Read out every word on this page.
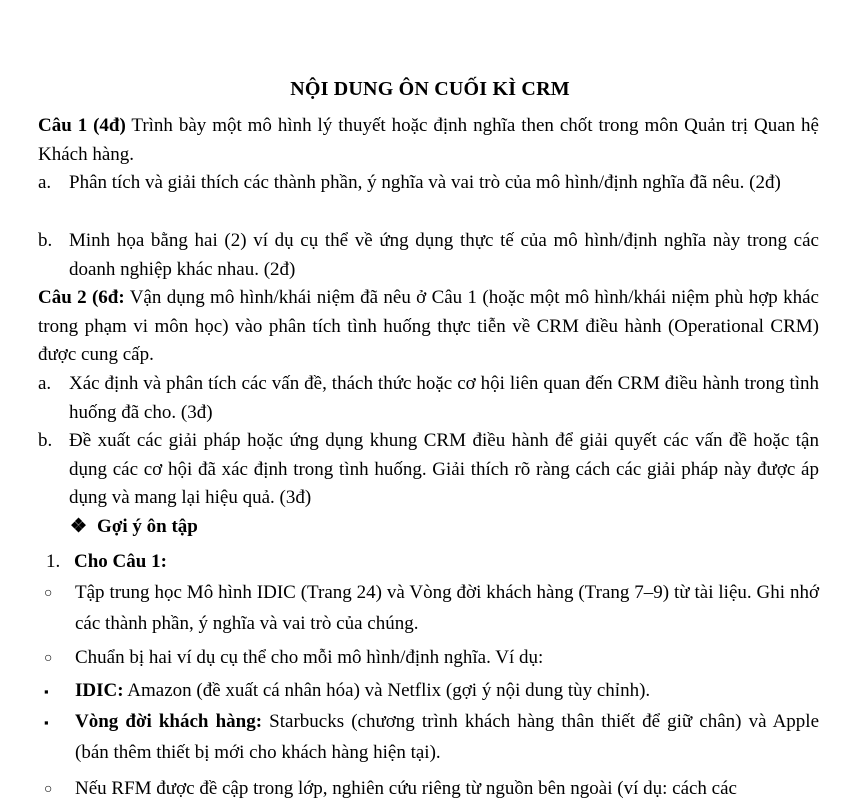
NỘI DUNG ÔN CUỐI KÌ CRM
Câu 1 (4đ) Trình bày một mô hình lý thuyết hoặc định nghĩa then chốt trong môn Quản trị Quan hệ Khách hàng.
a. Phân tích và giải thích các thành phần, ý nghĩa và vai trò của mô hình/định nghĩa đã nêu. (2đ)
b. Minh họa bằng hai (2) ví dụ cụ thể về ứng dụng thực tế của mô hình/định nghĩa này trong các doanh nghiệp khác nhau. (2đ)
Câu 2 (6đ: Vận dụng mô hình/khái niệm đã nêu ở Câu 1 (hoặc một mô hình/khái niệm phù hợp khác trong phạm vi môn học) vào phân tích tình huống thực tiễn về CRM điều hành (Operational CRM) được cung cấp.
a. Xác định và phân tích các vấn đề, thách thức hoặc cơ hội liên quan đến CRM điều hành trong tình huống đã cho. (3đ)
b. Đề xuất các giải pháp hoặc ứng dụng khung CRM điều hành để giải quyết các vấn đề hoặc tận dụng các cơ hội đã xác định trong tình huống. Giải thích rõ ràng cách các giải pháp này được áp dụng và mang lại hiệu quả. (3đ)
❖ Gợi ý ôn tập
1. Cho Câu 1:
○ Tập trung học Mô hình IDIC (Trang 24) và Vòng đời khách hàng (Trang 7–9) từ tài liệu. Ghi nhớ các thành phần, ý nghĩa và vai trò của chúng.
○ Chuẩn bị hai ví dụ cụ thể cho mỗi mô hình/định nghĩa. Ví dụ:
▪ IDIC: Amazon (đề xuất cá nhân hóa) và Netflix (gợi ý nội dung tùy chỉnh).
▪ Vòng đời khách hàng: Starbucks (chương trình khách hàng thân thiết để giữ chân) và Apple (bán thêm thiết bị mới cho khách hàng hiện tại).
○ Nếu RFM được đề cập trong lớp, nghiên cứu riêng từ nguồn bên ngoài (ví dụ: cách các
